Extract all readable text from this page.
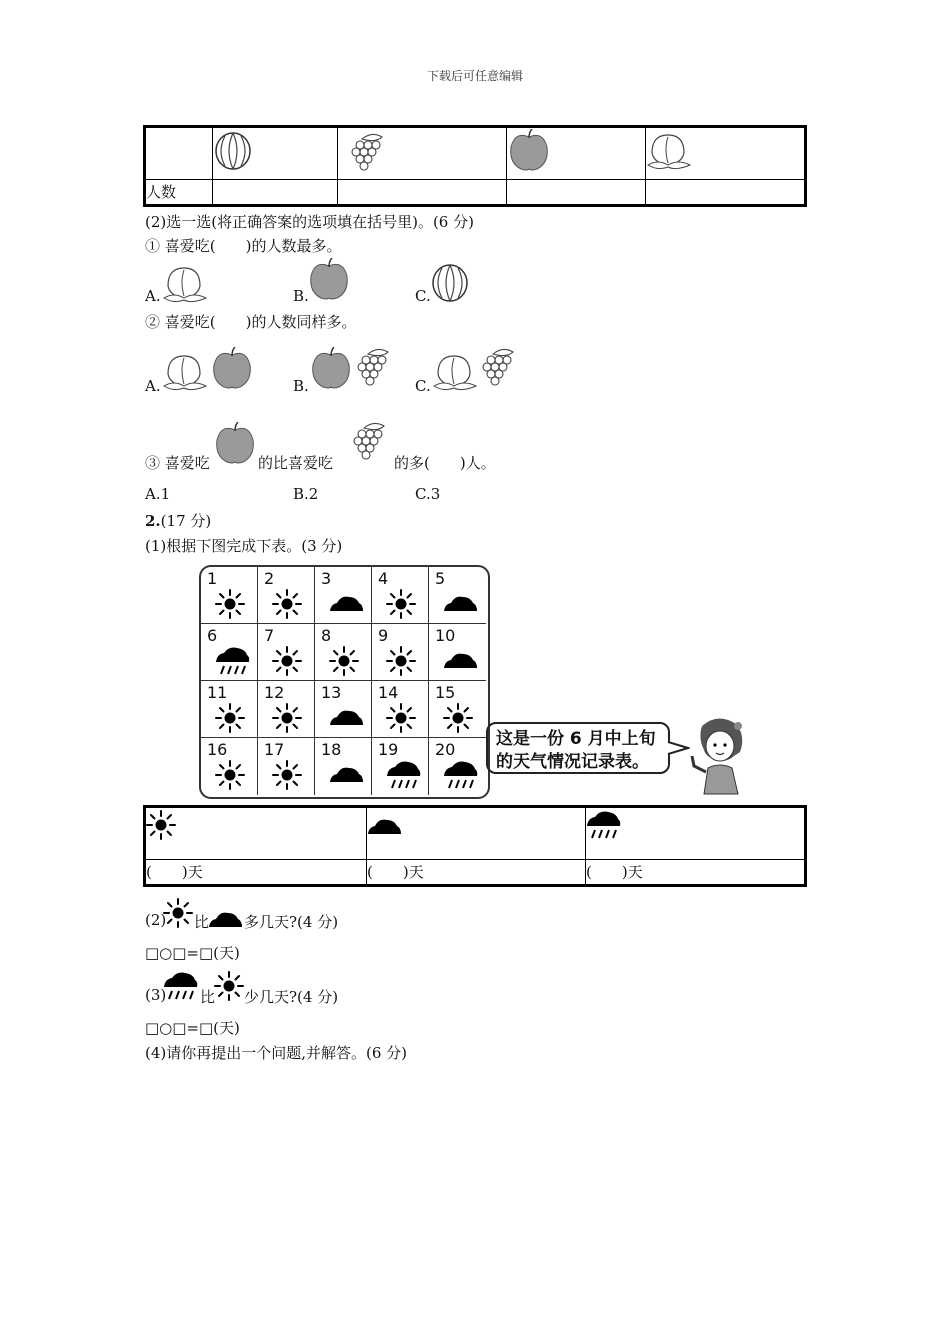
下载后可任意编辑

人数				
(2)选一选(将正确答案的选项填在括号里)。(6 分)
① 喜爱吃(　　)的人数最多。
A.	B.	C.
② 喜爱吃(　　)的人数同样多。
A.	B.	C.
③ 喜爱吃	的比喜爱吃	的多(　　)人。
A.1	B.2	C.3
2.(17 分)
(1)根据下图完成下表。(3 分)
1	2	3	4	5
6	7	8	9	10
11 12 13 14 15
16 17 18 19 20
这是一份 6 月中上旬
的天气情况记录表。

(　　)天	(　　)天	(　　)天
(2) 比 多几天?(4 分)
□○□=□(天)
(3) 比 少几天?(4 分)
□○□=□(天)
(4)请你再提出一个问题,并解答。(6 分)
